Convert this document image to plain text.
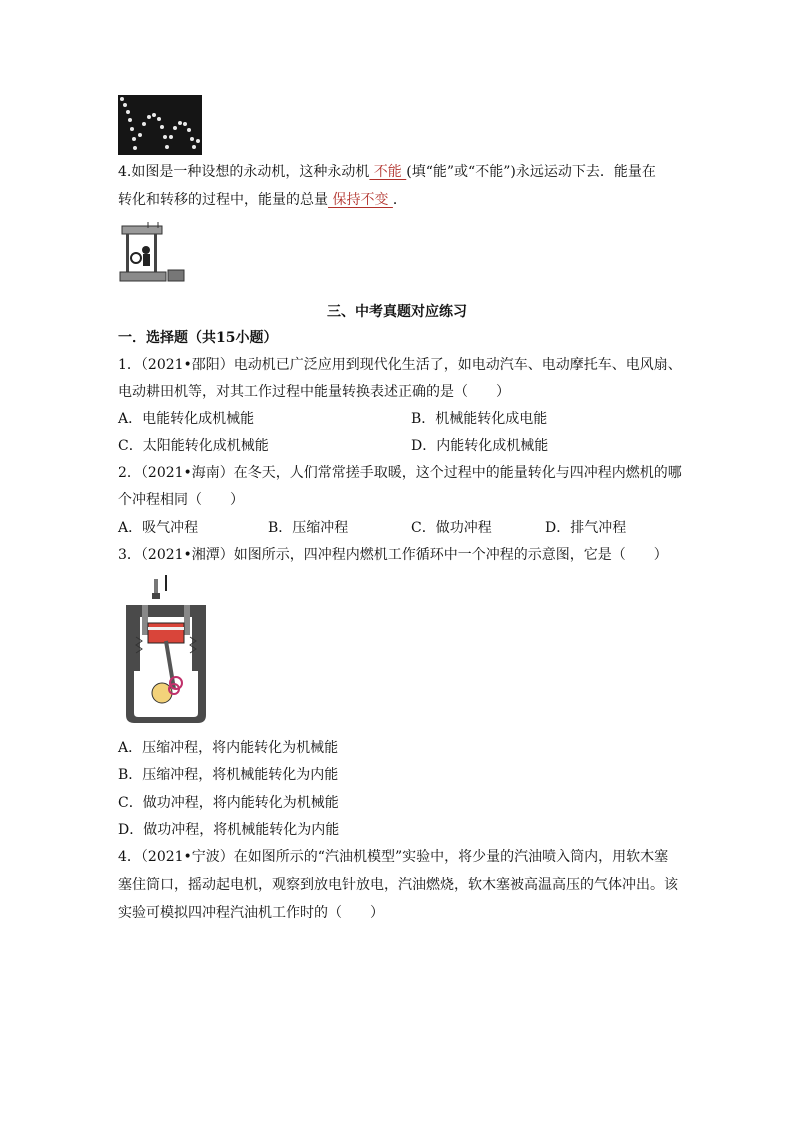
4.如图是一种设想的永动机，这种永动机 不能 (填“能”或“不能”)永远运动下去．能量在
转化和转移的过程中，能量的总量 保持不变 ．
三、中考真题对应练习
一．选择题（共15小题）
1．（2021•邵阳）电动机已广泛应用到现代化生活了，如电动汽车、电动摩托车、电风扇、
电动耕田机等，对其工作过程中能量转换表述正确的是（　　）
A．电能转化成机械能	B．机械能转化成电能
C．太阳能转化成机械能	D．内能转化成机械能
2．（2021•海南）在冬天，人们常常搓手取暖，这个过程中的能量转化与四冲程内燃机的哪
个冲程相同（　　）
A．吸气冲程	B．压缩冲程	C．做功冲程	D．排气冲程
3．（2021•湘潭）如图所示，四冲程内燃机工作循环中一个冲程的示意图，它是（　　）
A．压缩冲程，将内能转化为机械能
B．压缩冲程，将机械能转化为内能
C．做功冲程，将内能转化为机械能
D．做功冲程，将机械能转化为内能
4．（2021•宁波）在如图所示的“汽油机模型”实验中，将少量的汽油喷入筒内，用软木塞
塞住筒口，摇动起电机，观察到放电针放电，汽油燃烧，软木塞被高温高压的气体冲出。该
实验可模拟四冲程汽油机工作时的（　　）
